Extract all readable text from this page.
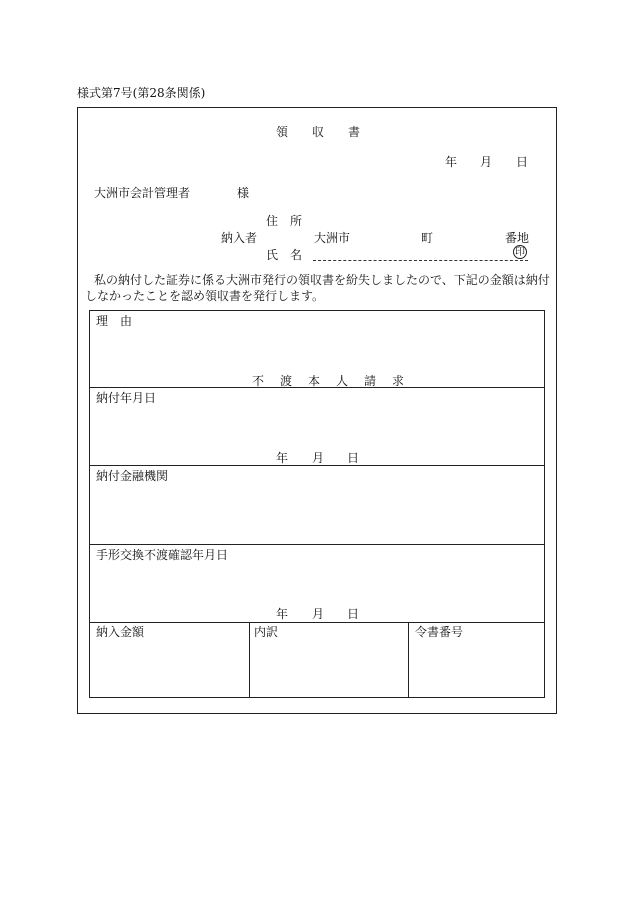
様式第7号(第28条関係)
領　収　書
年 月 日
大洲市会計管理者	様
住　所
納入者	大洲市	町	番地
氏　名	印
私の納付した証券に係る大洲市発行の領収書を紛失しましたので、下記の金額は納付
しなかったことを認め領収書を発行します。
理　由
不　渡　本　人　請　求
納付年月日
年 月 日
納付金融機関
手形交換不渡確認年月日
年 月 日
納入金額	内訳	令書番号
